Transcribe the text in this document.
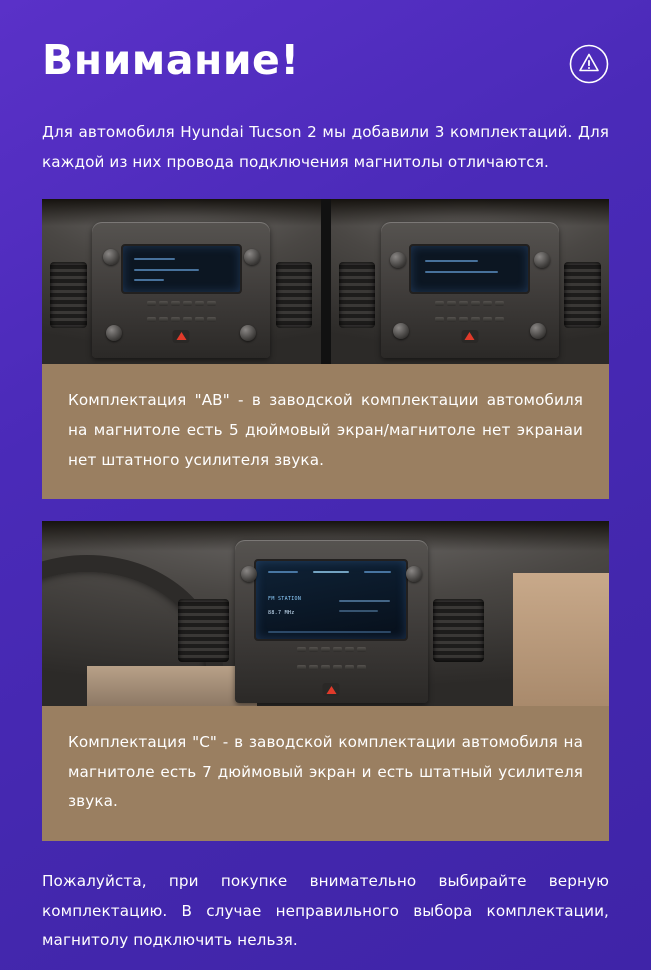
Внимание!

Для автомобиля Hyundai Tucson 2 мы добавили 3 комплектаций. Для каждой из них провода подключения магнитолы отличаются.

Комплектация "AB" - в заводской комплектации автомобиля на магнитоле есть 5 дюймовый экран/магнитоле нет экранаи нет штатного усилителя звука.

FM STATION
88.7 MHz

Комплектация "C" - в заводской комплектации автомобиля на магнитоле есть 7 дюймовый экран и есть штатный усилителя звука.

Пожалуйста, при покупке внимательно выбирайте верную комплектацию. В случае неправильного выбора комплектации, магнитолу подключить нельзя.
